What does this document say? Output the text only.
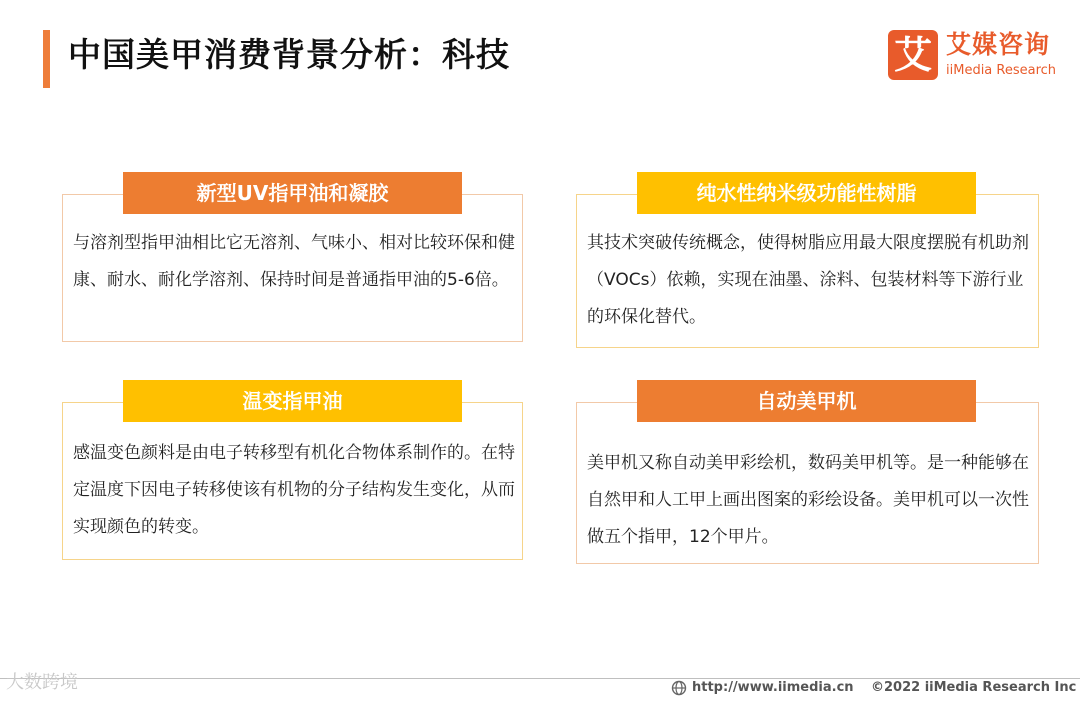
中国美甲消费背景分析：科技	艾 艾媒咨询
iiMedia Research
与溶剂型指甲油相比它无溶剂、气味小、相对比较环保和健康、耐水、耐化学溶剂、保持时间是普通指甲油的5-6倍。
新型UV指甲油和凝胶
其技术突破传统概念，使得树脂应用最大限度摆脱有机助剂（VOCs）依赖，实现在油墨、涂料、包装材料等下游行业的环保化替代。
纯水性纳米级功能性树脂
感温变色颜料是由电子转移型有机化合物体系制作的。在特定温度下因电子转移使该有机物的分子结构发生变化，从而实现颜色的转变。
温变指甲油
美甲机又称自动美甲彩绘机，数码美甲机等。是一种能够在自然甲和人工甲上画出图案的彩绘设备。美甲机可以一次性做五个指甲，12个甲片。
自动美甲机
大数跨境	http://www.iimedia.cn ©2022 iiMedia Research Inc
